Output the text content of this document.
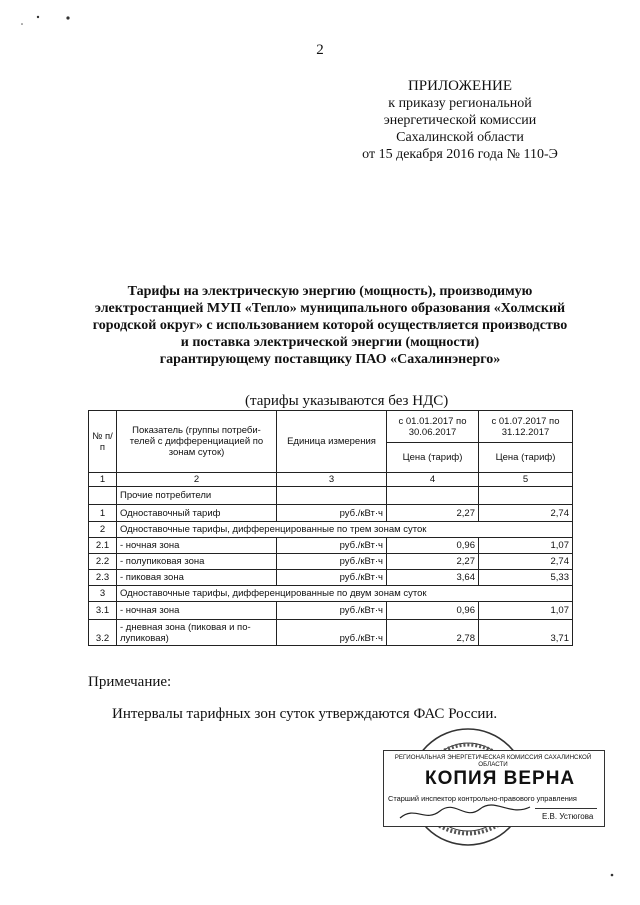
2
ПРИЛОЖЕНИЕ
к приказу региональной
энергетической комиссии
Сахалинской области
от 15 декабря 2016 года № 110-Э
Тарифы на электрическую энергию (мощность), производимую
электростанцией МУП «Тепло» муниципального образования «Холмский
городской округ» с использованием которой осуществляется производство
и поставка электрической энергии (мощности)
гарантирующему поставщику ПАО «Сахалинэнерго»
(тарифы указываются без НДС)
№ п/п	Показатель (группы потреби- телей с дифференциацией по зонам суток)	Единица измерения	с 01.01.2017 по 30.06.2017	с 01.07.2017 по 31.12.2017
			Цена (тариф)	Цена (тариф)
1	2	3	4	5
	Прочие потребители			
1	Одноставочный тариф	руб./кВт·ч	2,27	2,74
2	Одноставочные тарифы, дифференцированные по трем зонам суток			
2.1	- ночная зона	руб./кВт·ч	0,96	1,07
2.2	- полупиковая зона	руб./кВт·ч	2,27	2,74
2.3	- пиковая зона	руб./кВт·ч	3,64	5,33
3	Одноставочные тарифы, дифференцированные по двум зонам суток			
3.1	- ночная зона	руб./кВт·ч	0,96	1,07
3.2	- дневная зона (пиковая и по- лупиковая)	руб./кВт·ч	2,78	3,71
Примечание:
Интервалы тарифных зон суток утверждаются ФАС России.
РЕГИОНАЛЬНАЯ ЭНЕРГЕТИЧЕСКАЯ КОМИССИЯ САХАЛИНСКОЙ ОБЛАСТИ
КОПИЯ ВЕРНА
Старший инспектор контрольно-правового управления
Е.В. Устюгова
